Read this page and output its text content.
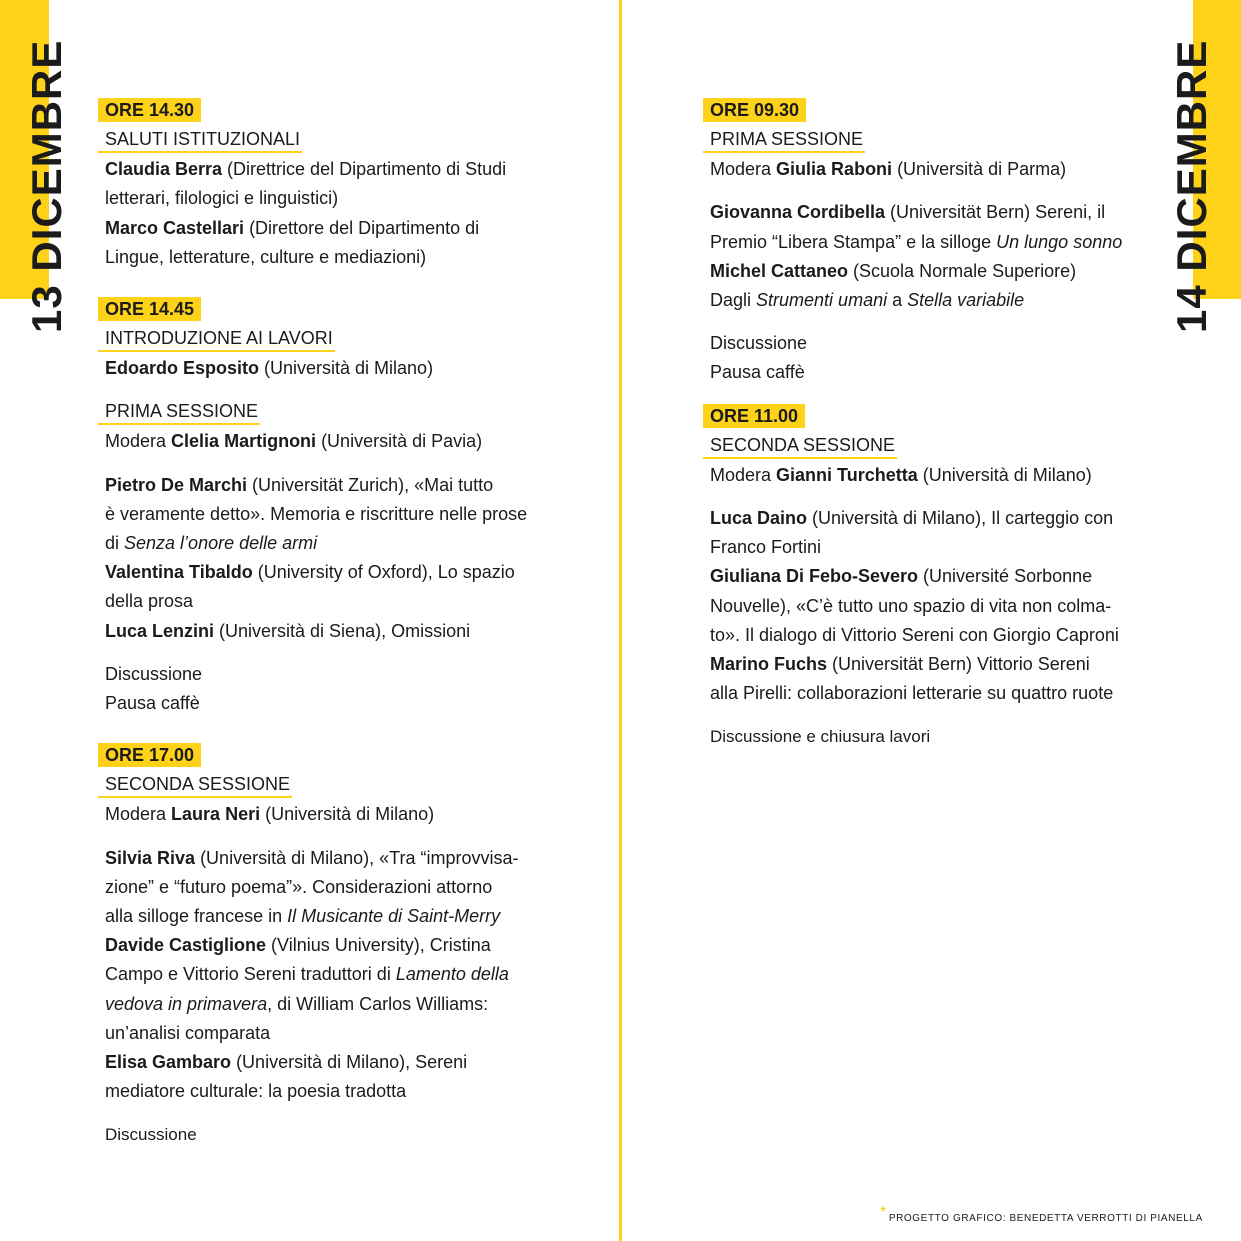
13 DICEMBRE	14 DICEMBRE
ORE 14.30
SALUTI ISTITUZIONALI
Claudia Berra (Direttrice del Dipartimento di Studi
letterari, filologici e linguistici)
Marco Castellari (Direttore del Dipartimento di
Lingue, letterature, culture e mediazioni)
ORE 14.45
INTRODUZIONE AI LAVORI
Edoardo Esposito (Università di Milano)
PRIMA SESSIONE
Modera Clelia Martignoni (Università di Pavia)
Pietro De Marchi (Universität Zurich), «Mai tutto
è veramente detto». Memoria e riscritture nelle prose
di Senza l’onore delle armi
Valentina Tibaldo (University of Oxford), Lo spazio
della prosa
Luca Lenzini (Università di Siena), Omissioni
Discussione
Pausa caffè
ORE 17.00
SECONDA SESSIONE
Modera Laura Neri (Università di Milano)
Silvia Riva (Università di Milano), «Tra “improvvisa-
zione” e “futuro poema”». Considerazioni attorno
alla silloge francese in Il Musicante di Saint-Merry
Davide Castiglione (Vilnius University), Cristina
Campo e Vittorio Sereni traduttori di Lamento della
vedova in primavera, di William Carlos Williams:
un’analisi comparata
Elisa Gambaro (Università di Milano), Sereni
mediatore culturale: la poesia tradotta
Discussione
ORE 09.30
PRIMA SESSIONE
Modera Giulia Raboni (Università di Parma)
Giovanna Cordibella (Universität Bern) Sereni, il
Premio “Libera Stampa” e la silloge Un lungo sonno
Michel Cattaneo (Scuola Normale Superiore)
Dagli Strumenti umani a Stella variabile
Discussione
Pausa caffè
ORE 11.00
SECONDA SESSIONE
Modera Gianni Turchetta (Università di Milano)
Luca Daino (Università di Milano), Il carteggio con
Franco Fortini
Giuliana Di Febo-Severo (Université Sorbonne
Nouvelle), «C’è tutto uno spazio di vita non colma-
to». Il dialogo di Vittorio Sereni con Giorgio Caproni
Marino Fuchs (Universität Bern) Vittorio Sereni
alla Pirelli: collaborazioni letterarie su quattro ruote
Discussione e chiusura lavori
* PROGETTO GRAFICO: BENEDETTA VERROTTI DI PIANELLA
